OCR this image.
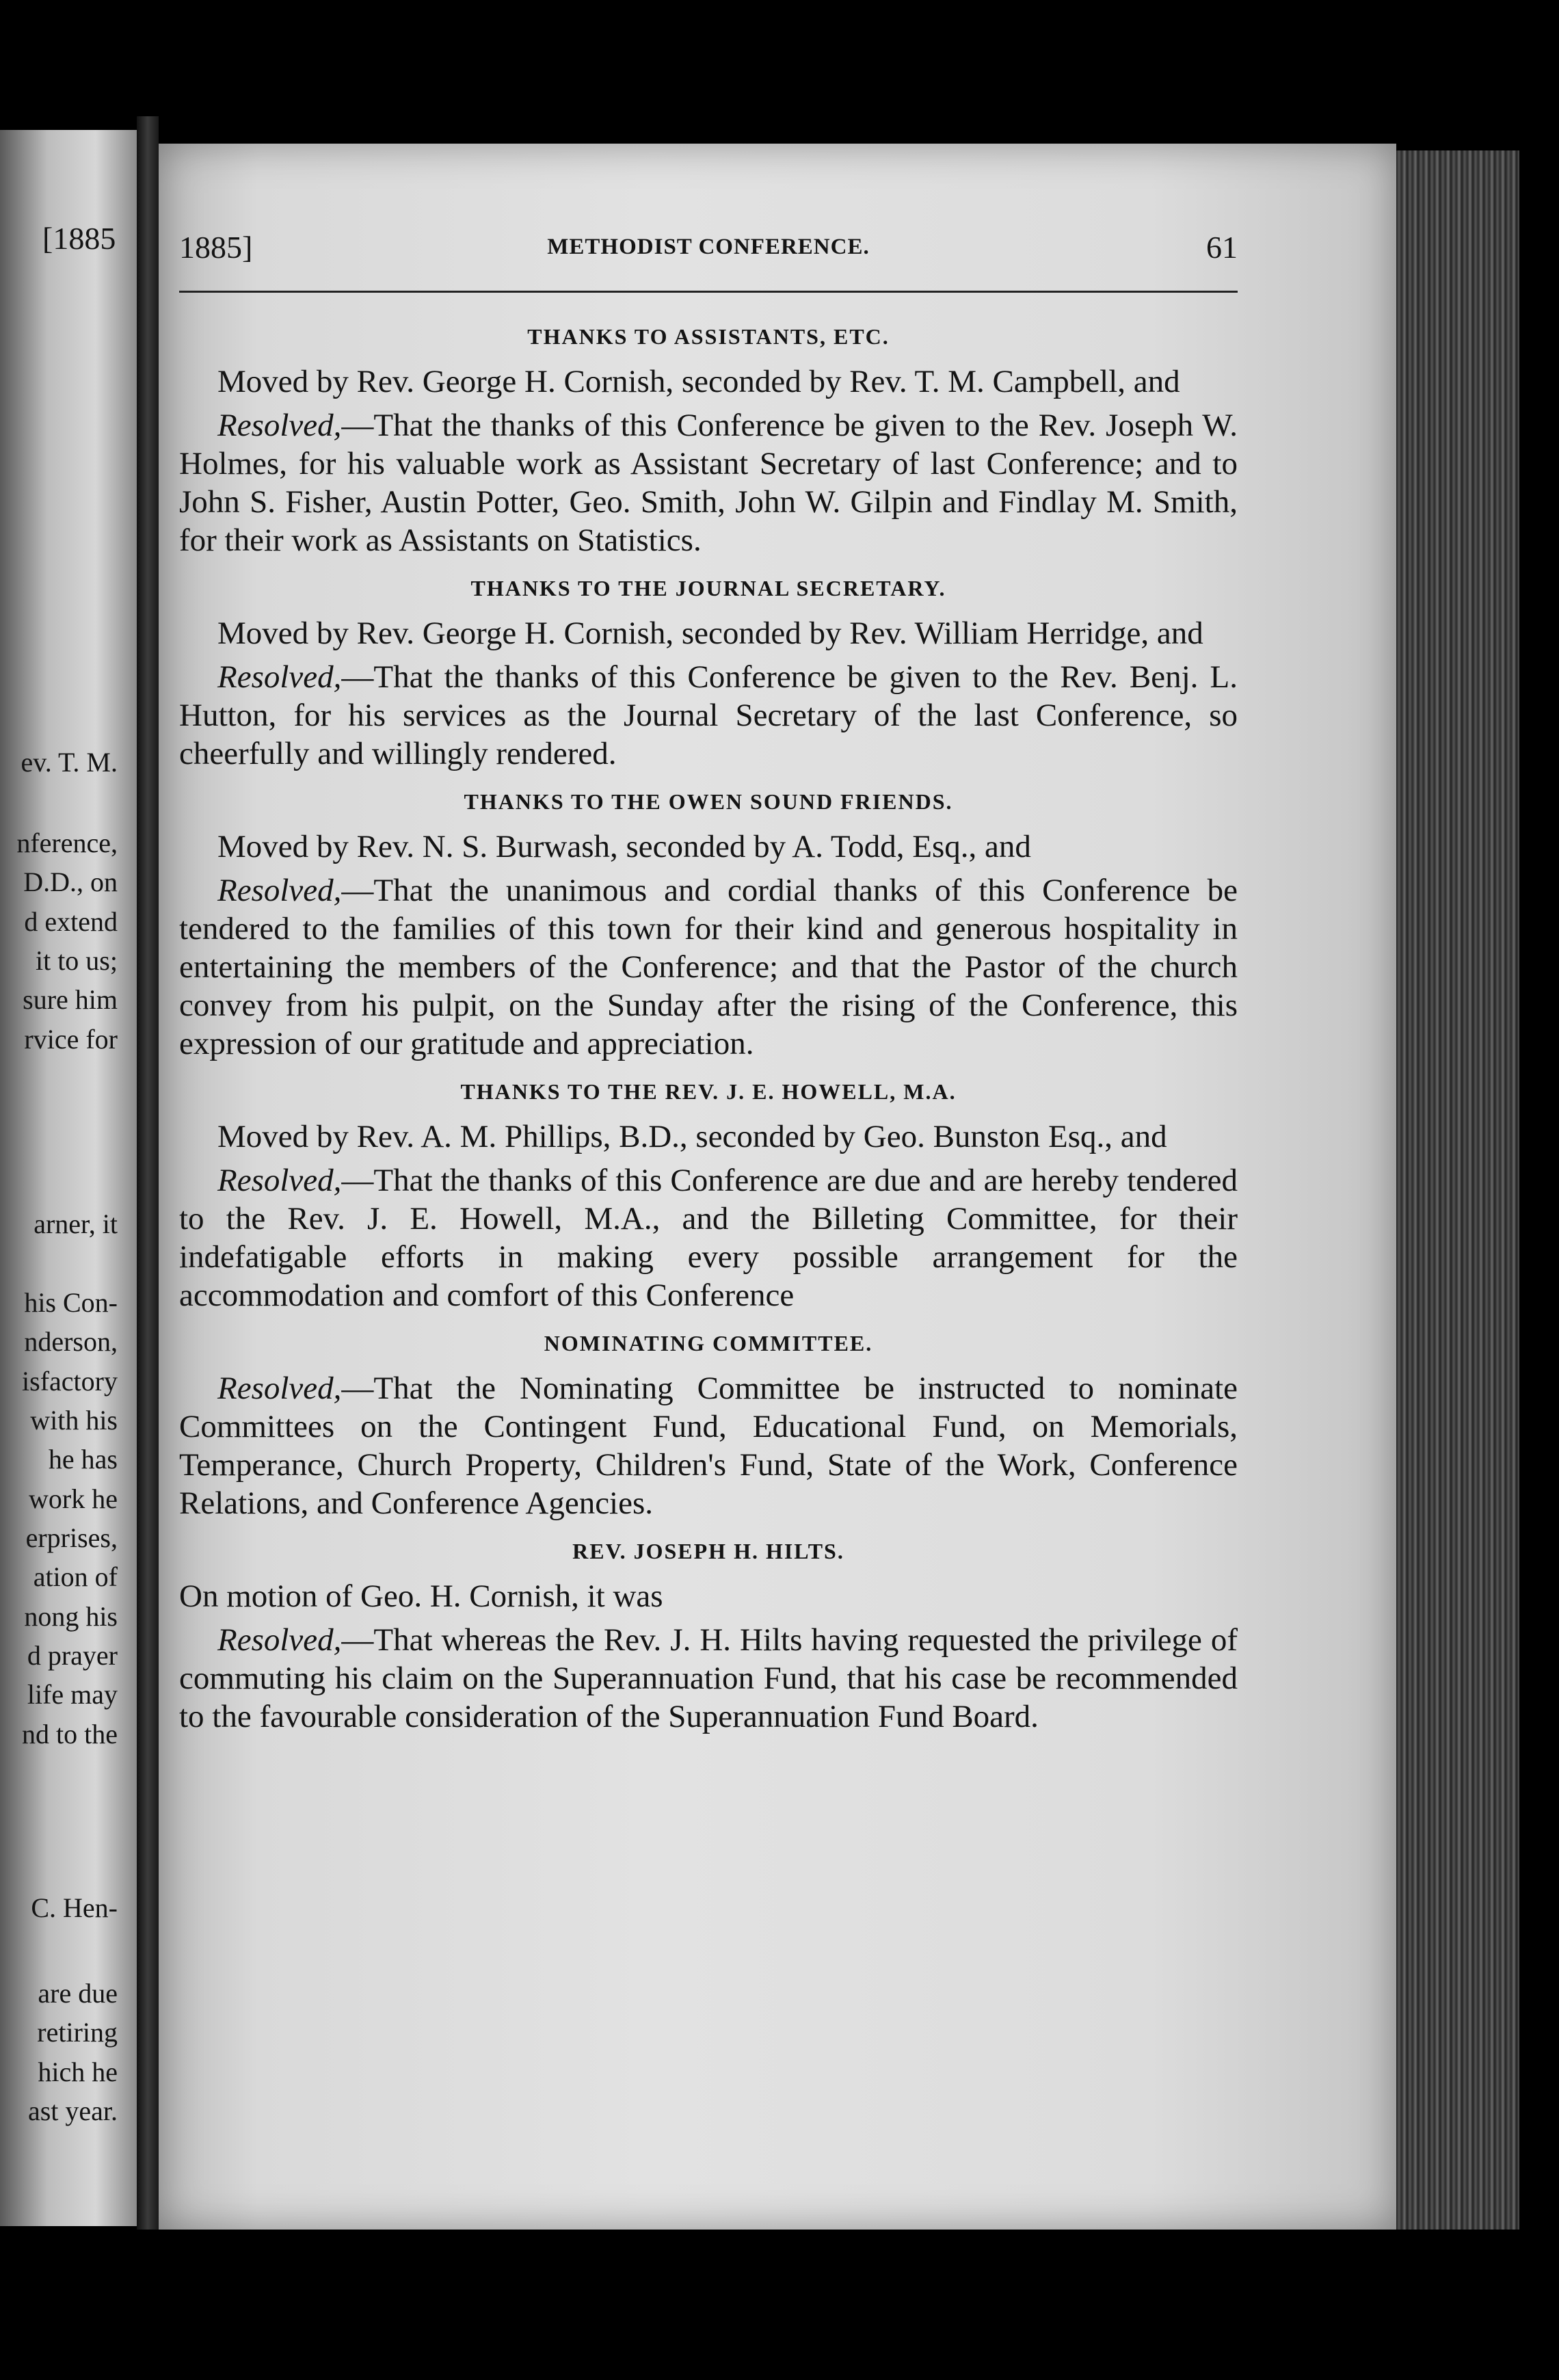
[1885
ev. T. M.
nference,
D.D., on
d extend
it to us;
sure him
rvice for
arner, it
his Con-
nderson,
isfactory
with his
he has
work he
erprises,
ation of
nong his
d prayer
life may
nd to the
C. Hen-
are due
retiring
hich he
ast year.
1885]	METHODIST CONFERENCE.	61
THANKS TO ASSISTANTS, ETC.

Moved by Rev. George H. Cornish, seconded by Rev. T. M. Campbell, and

Resolved,—That the thanks of this Conference be given to the Rev. Joseph W. Holmes, for his valuable work as Assistant Secretary of last Conference; and to John S. Fisher, Austin Potter, Geo. Smith, John W. Gilpin and Findlay M. Smith, for their work as Assistants on Statistics.

THANKS TO THE JOURNAL SECRETARY.

Moved by Rev. George H. Cornish, seconded by Rev. William Herridge, and

Resolved,—That the thanks of this Conference be given to the Rev. Benj. L. Hutton, for his services as the Journal Secretary of the last Conference, so cheerfully and willingly rendered.

THANKS TO THE OWEN SOUND FRIENDS.

Moved by Rev. N. S. Burwash, seconded by A. Todd, Esq., and

Resolved,—That the unanimous and cordial thanks of this Conference be tendered to the families of this town for their kind and generous hospitality in entertaining the members of the Conference; and that the Pastor of the church convey from his pulpit, on the Sunday after the rising of the Conference, this expression of our gratitude and appreciation.

THANKS TO THE REV. J. E. HOWELL, M.A.

Moved by Rev. A. M. Phillips, B.D., seconded by Geo. Bunston Esq., and

Resolved,—That the thanks of this Conference are due and are hereby tendered to the Rev. J. E. Howell, M.A., and the Billeting Committee, for their indefatigable efforts in making every possible arrangement for the accommodation and comfort of this Conference

NOMINATING COMMITTEE.

Resolved,—That the Nominating Committee be instructed to nominate Committees on the Contingent Fund, Educational Fund, on Memorials, Temperance, Church Property, Children's Fund, State of the Work, Conference Relations, and Conference Agencies.

REV. JOSEPH H. HILTS.

On motion of Geo. H. Cornish, it was

Resolved,—That whereas the Rev. J. H. Hilts having requested the privilege of commuting his claim on the Superannuation Fund, that his case be recommended to the favourable consideration of the Superannuation Fund Board.
